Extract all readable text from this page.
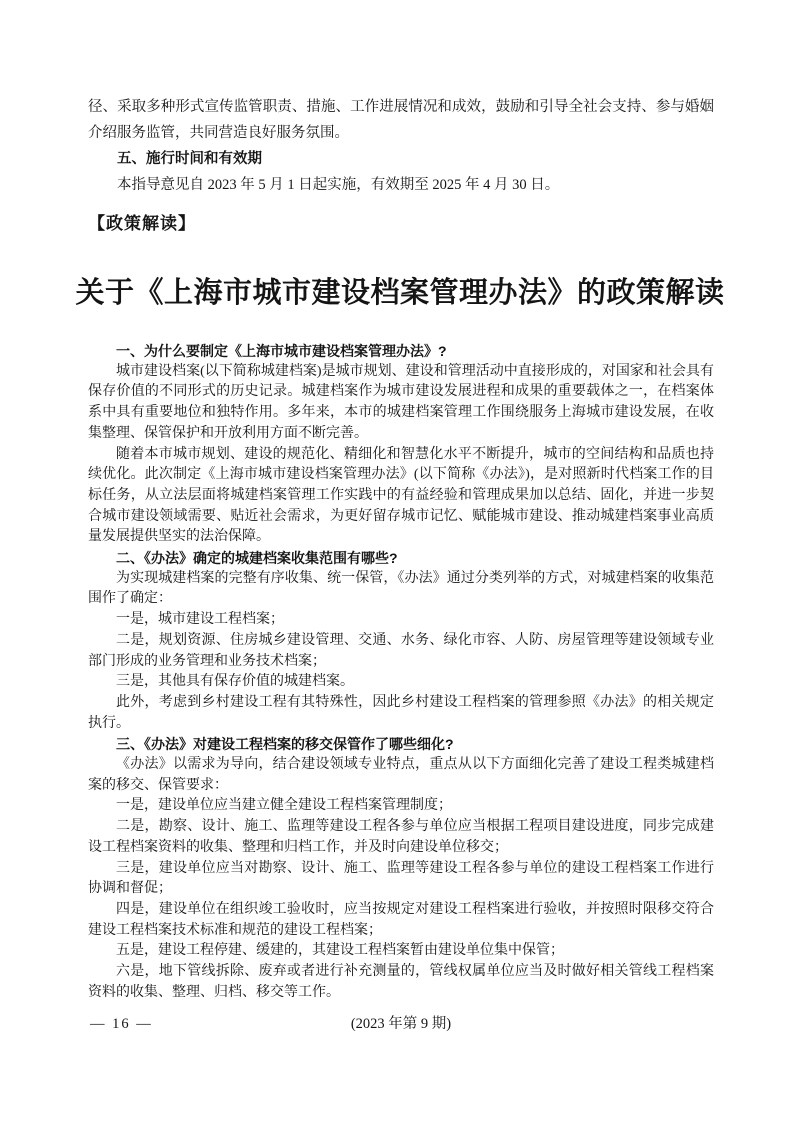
径、采取多种形式宣传监管职责、措施、工作进展情况和成效，鼓励和引导全社会支持、参与婚姻介绍服务监管，共同营造良好服务氛围。

五、施行时间和有效期

本指导意见自 2023 年 5 月 1 日起实施，有效期至 2025 年 4 月 30 日。

【政策解读】
关于《上海市城市建设档案管理办法》的政策解读

一、为什么要制定《上海市城市建设档案管理办法》?

城市建设档案(以下简称城建档案)是城市规划、建设和管理活动中直接形成的，对国家和社会具有保存价值的不同形式的历史记录。城建档案作为城市建设发展进程和成果的重要载体之一，在档案体系中具有重要地位和独特作用。多年来，本市的城建档案管理工作围绕服务上海城市建设发展，在收集整理、保管保护和开放利用方面不断完善。

随着本市城市规划、建设的规范化、精细化和智慧化水平不断提升，城市的空间结构和品质也持续优化。此次制定《上海市城市建设档案管理办法》(以下简称《办法》)，是对照新时代档案工作的目标任务，从立法层面将城建档案管理工作实践中的有益经验和管理成果加以总结、固化，并进一步契合城市建设领域需要、贴近社会需求，为更好留存城市记忆、赋能城市建设、推动城建档案事业高质量发展提供坚实的法治保障。

二、《办法》确定的城建档案收集范围有哪些?

为实现城建档案的完整有序收集、统一保管，《办法》通过分类列举的方式，对城建档案的收集范围作了确定：

一是，城市建设工程档案；

二是，规划资源、住房城乡建设管理、交通、水务、绿化市容、人防、房屋管理等建设领域专业部门形成的业务管理和业务技术档案；

三是，其他具有保存价值的城建档案。

此外，考虑到乡村建设工程有其特殊性，因此乡村建设工程档案的管理参照《办法》的相关规定执行。

三、《办法》对建设工程档案的移交保管作了哪些细化?

《办法》以需求为导向，结合建设领域专业特点，重点从以下方面细化完善了建设工程类城建档案的移交、保管要求：

一是，建设单位应当建立健全建设工程档案管理制度；

二是，勘察、设计、施工、监理等建设工程各参与单位应当根据工程项目建设进度，同步完成建设工程档案资料的收集、整理和归档工作，并及时向建设单位移交；

三是，建设单位应当对勘察、设计、施工、监理等建设工程各参与单位的建设工程档案工作进行协调和督促；

四是，建设单位在组织竣工验收时，应当按规定对建设工程档案进行验收，并按照时限移交符合建设工程档案技术标准和规范的建设工程档案；

五是，建设工程停建、缓建的，其建设工程档案暂由建设单位集中保管；

六是，地下管线拆除、废弃或者进行补充测量的，管线权属单位应当及时做好相关管线工程档案资料的收集、整理、归档、移交等工作。

— 16 —	(2023 年第 9 期)
